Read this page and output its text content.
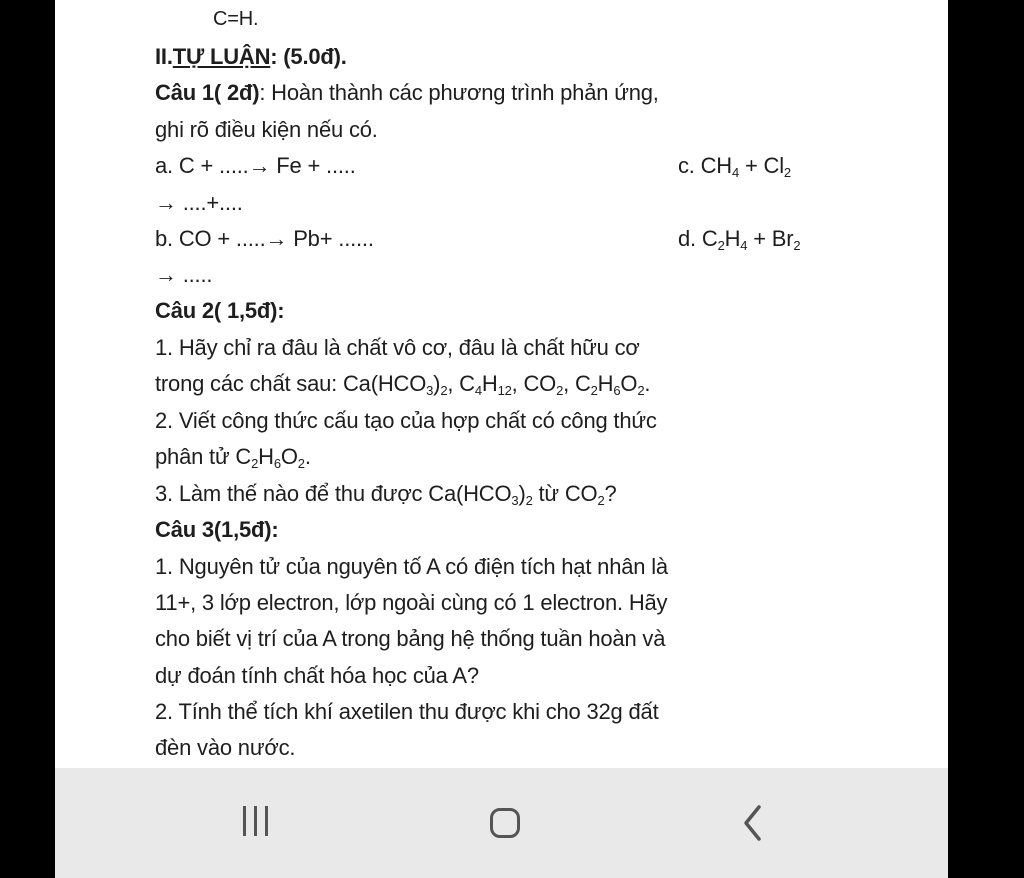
C=H.
II.TỰ LUẬN: (5.0đ).
Câu 1( 2đ): Hoàn thành các phương trình phản ứng,
ghi rõ điều kiện nếu có.
a. C + .....→ Fe + .....	c. $CH_4 + Cl_2$
→ ....+....
b. CO + .....→ Pb+ ......	d. $C_2H_4 + Br_2$
→ .....
Câu 2( 1,5đ):
1. Hãy chỉ ra đâu là chất vô cơ, đâu là chất hữu cơ
trong các chất sau: $Ca(HCO_3)_2$, $C_4H_{12}$, $CO_2$, $C_2H_6O_2$.
2. Viết công thức cấu tạo của hợp chất có công thức
phân tử $C_2H_6O_2$.
3. Làm thế nào để thu được $Ca(HCO_3)_2$ từ $CO_2$?
Câu 3(1,5đ):
1. Nguyên tử của nguyên tố A có điện tích hạt nhân là
11+, 3 lớp electron, lớp ngoài cùng có 1 electron. Hãy
cho biết vị trí của A trong bảng hệ thống tuần hoàn và
dự đoán tính chất hóa học của A?
2. Tính thể tích khí axetilen thu được khi cho 32g đất
đèn vào nước.
